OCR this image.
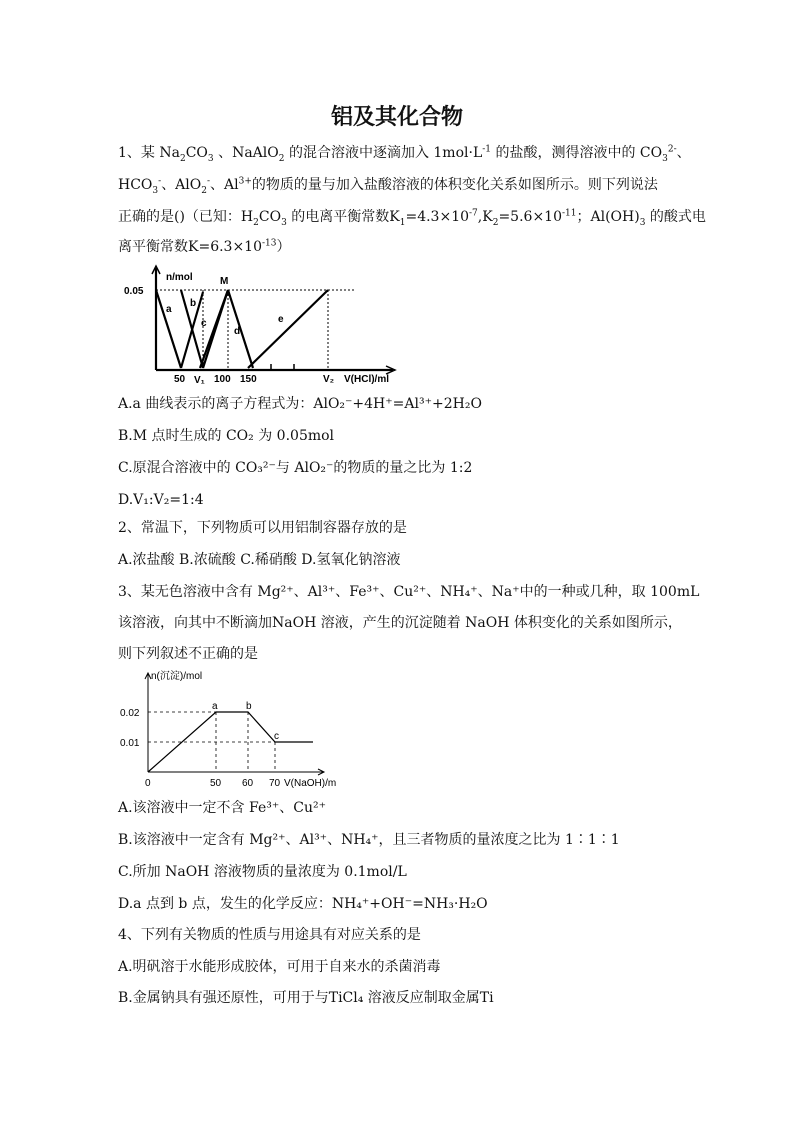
铝及其化合物
1、某 $Na_2CO_3$ 、NaAlO$_2$ 的混合溶液中逐滴加入 $1mol\cdot L^{-1}$ 的盐酸，测得溶液中的 $CO_3^{2-}$、
$HCO_3^-$、AlO$_2$-、$Al^{3+}$的物质的量与加入盐酸溶液的体积变化关系如图所示。则下列说法
正确的是()（已知：$H_2CO_3$ 的电离平衡常数$K_1=4.3\times 10^{-7},K_2=5.6\times 10^{-11}$；$Al(OH)_3$ 的酸式电
离平衡常数$K=6.3\times 10^{-13}$）
n/mol
0.05
M
a
b
c
d
e
50 V₁ 100 150	V₂ V(HCl)/ml
A.a 曲线表示的离子方程式为：AlO₂⁻+4H⁺=Al³⁺+2H₂O
B.M 点时生成的 CO₂ 为 0.05mol
C.原混合溶液中的 CO₃²⁻与 AlO₂⁻的物质的量之比为 1:2
D.V₁:V₂=1:4
2、常温下，下列物质可以用铝制容器存放的是
A.浓盐酸 B.浓硫酸 C.稀硝酸 D.氢氧化钠溶液
3、某无色溶液中含有 Mg²⁺、Al³⁺、Fe³⁺、Cu²⁺、NH₄⁺、Na⁺中的一种或几种，取 100mL
该溶液，向其中不断滴加NaOH 溶液，产生的沉淀随着 NaOH 体积变化的关系如图所示，
则下列叙述不正确的是
n(沉淀)/mol
0.02
0.01
0	50 60 70 V(NaOH)/m
a	b
c
A.该溶液中一定不含 Fe³⁺、Cu²⁺
B.该溶液中一定含有 Mg²⁺、Al³⁺、NH₄⁺，且三者物质的量浓度之比为 1∶1∶1
C.所加 NaOH 溶液物质的量浓度为 0.1mol/L
D.a 点到 b 点，发生的化学反应：NH₄⁺+OH⁻=NH₃·H₂O
4、下列有关物质的性质与用途具有对应关系的是
A.明矾溶于水能形成胶体，可用于自来水的杀菌消毒
B.金属钠具有强还原性，可用于与TiCl₄ 溶液反应制取金属Ti
